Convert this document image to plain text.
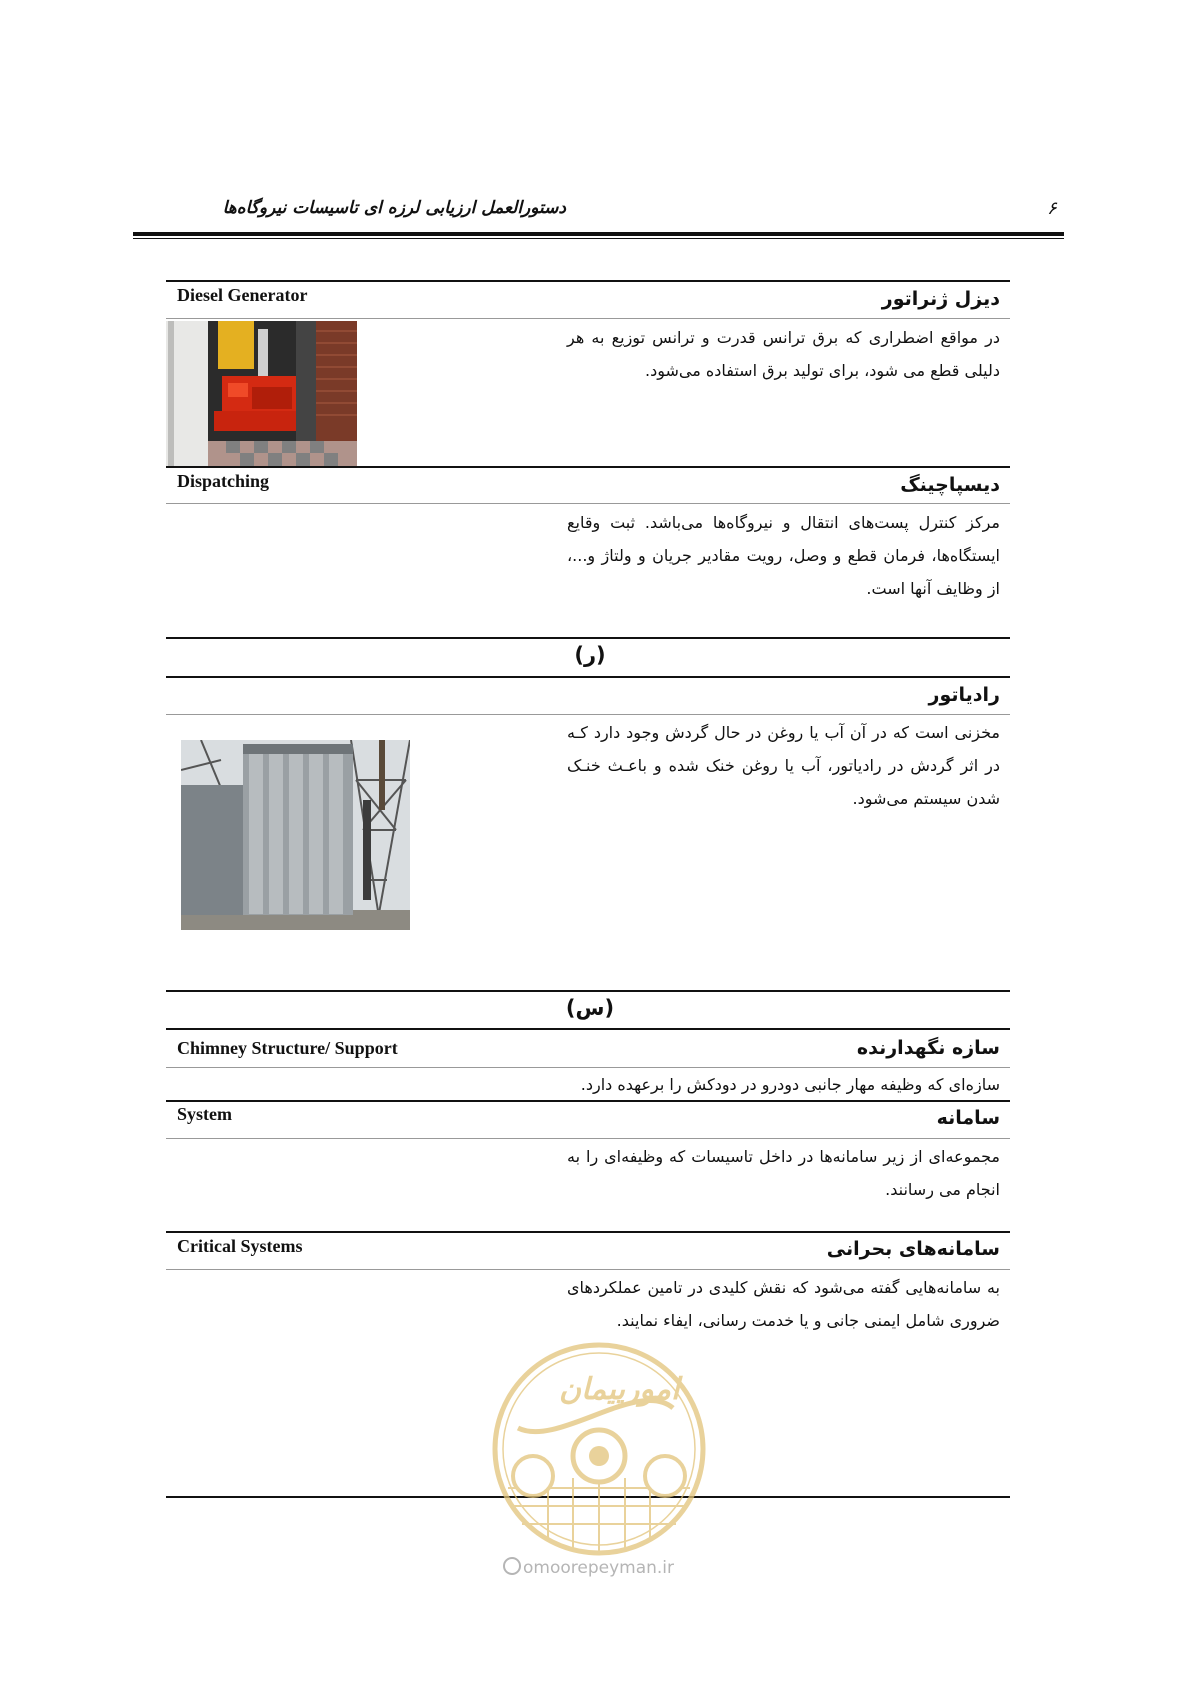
دستورالعمل ارزیابی لرزه ای تاسیسات نیروگاه‌ها	۶
Diesel Generator	دیزل ژنراتور
در مواقع اضطراری که برق ترانس قدرت و ترانس توزیع به هر دلیلی قطع می شود، برای تولید برق استفاده می‌شود.
Dispatching	دیسپاچینگ
مرکز کنترل پست‌های انتقال و نیروگاه‌ها می‌باشد. ثبت وقایع ایستگاه‌ها، فرمان قطع و وصل، رویت مقادیر جریان و ولتاژ و...، از وظایف آنها است.
(ر)
رادیاتور
مخزنی است که در آن آب یا روغن در حال گردش وجود دارد کـه در اثر گردش در رادیاتور، آب یا روغن خنک شده و باعـث خنـک شدن سیستم می‌شود.
(س)
Chimney Structure/ Support	سازه نگهدارنده
سازه‌ای که وظیفه مهار جانبی دودرو در دودکش را برعهده دارد.
System	سامانه
مجموعه‌ای از زیر سامانه‌ها در داخل تاسیسات که وظیفه‌ای را به انجام می رسانند.
Critical Systems	سامانه‌های بحرانی
به سامانه‌هایی گفته می‌شود که نقش کلیدی در تامین عملکردهای ضروری شامل ایمنی جانی و یا خدمت رسانی، ایفاء نمایند.
امورپیمان
omoorepeyman.ir
